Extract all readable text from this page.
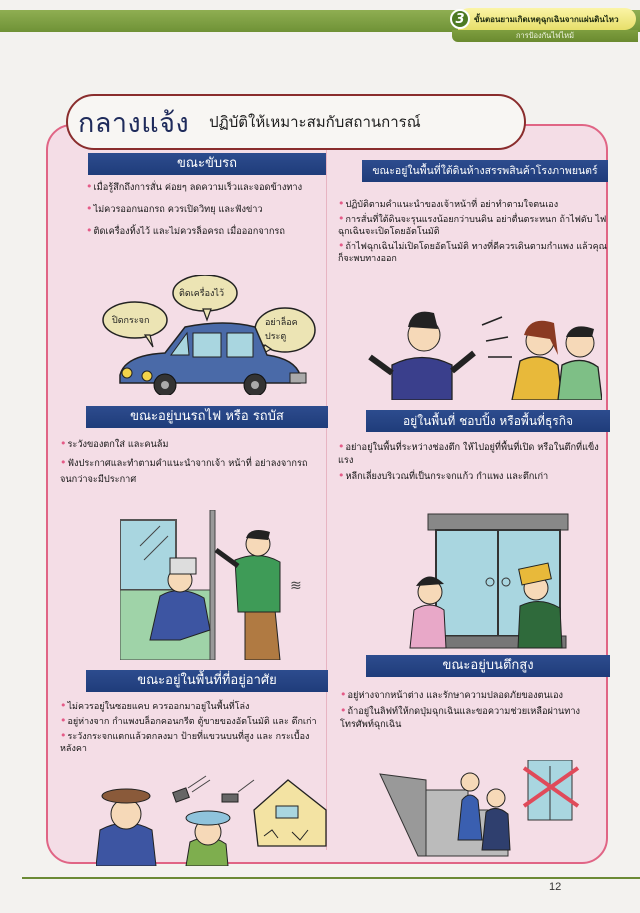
3	ขั้นตอนยามเกิดเหตุฉุกเฉินจากแผ่นดินไหว
การป้องกันไฟไหม้
กลางแจ้ง ปฏิบัติให้เหมาะสมกับสถานการณ์
ขณะขับรถ
•เมื่อรู้สึกถึงการสั่น ค่อยๆ ลดความเร็วและจอดข้างทาง
•ไม่ควรออกนอกรถ ควรเปิดวิทยุ และฟังข่าว
•ติดเครื่องทิ้งไว้ และไม่ควรล็อครถ เมื่อออกจากรถ
ปิดกระจก
ติดเครื่องไว้
อย่าล็อค
ประตู
ขณะอยู่ในพื้นที่ใต้ดินห้างสรรพสินค้าโรงภาพยนตร์
•ปฏิบัติตามคำแนะนำของเจ้าหน้าที่ อย่าทำตามใจตนเอง
•การสั่นที่ใต้ดินจะรุนแรงน้อยกว่าบนดิน อย่าตื่นตระหนก ถ้าไฟดับ ไฟฉุกเฉินจะเปิดโดยอัตโนมัติ
•ถ้าไฟฉุกเฉินไม่เปิดโดยอัตโนมัติ ทางที่ดีควรเดินตามกำแพง แล้วคุณก็จะพบทางออก
ขณะอยู่บนรถไฟ หรือ รถบัส
•ระวังของตกใส่ และคนล้ม
•ฟังประกาศและทำตามคำแนะนำจากเจ้า หน้าที่ อย่าลงจากรถจนกว่าจะมีประกาศ
≋
อยู่ในพื้นที่ ชอบปิ้ง หรือพื้นที่ธุรกิจ
•อย่าอยู่ในพื้นที่ระหว่างช่องตึก ให้ไปอยู่ที่พื้นที่เปิด หรือในตึกที่แข็งแรง
•หลีกเลี่ยงบริเวณที่เป็นกระจกแก้ว กำแพง และตึกเก่า
ขณะอยู่ในพื้นที่ที่อยู่อาศัย
•ไม่ควรอยู่ในซอยแคบ ควรออกมาอยู่ในพื้นที่โล่ง
•อยู่ห่างจาก กำแพงบล็อกคอนกรีต ตู้ขายของอัตโนมัติ และ ตึกเก่า
•ระวังกระจกแตกแล้วตกลงมา ป้ายที่แขวนบนที่สูง และ กระเบื้องหลังคา
ขณะอยู่บนตึกสูง
•อยู่ห่างจากหน้าต่าง และรักษาความปลอดภัยของตนเอง
•ถ้าอยู่ในลิฟท์ให้กดปุ่มฉุกเฉินและขอความช่วยเหลือผ่านทางโทรศัพท์ฉุกเฉิน
12
